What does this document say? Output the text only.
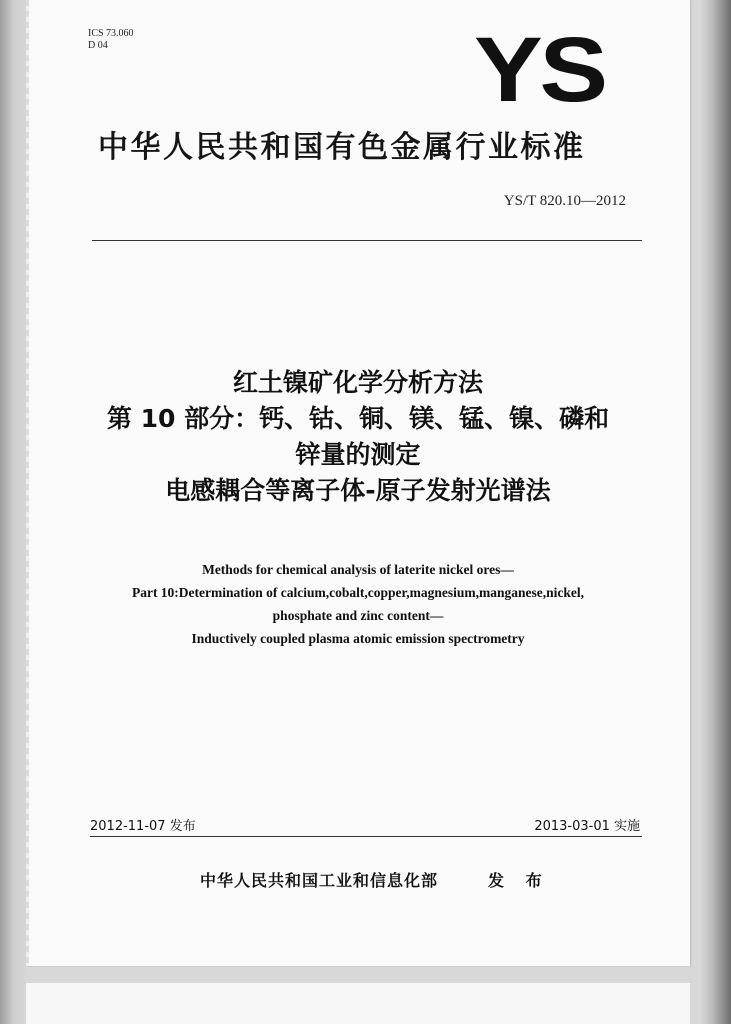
ICS 73.060
D 04	YS
中华人民共和国有色金属行业标准
YS/T 820.10—2012
红土镍矿化学分析方法
第 10 部分：钙、钴、铜、镁、锰、镍、磷和
锌量的测定
电感耦合等离子体-原子发射光谱法
Methods for chemical analysis of laterite nickel ores—
Part 10:Determination of calcium,cobalt,copper,magnesium,manganese,nickel,
phosphate and zinc content—
Inductively coupled plasma atomic emission spectrometry
2012-11-07 发布	2013-03-01 实施
中华人民共和国工业和信息化部	发 布
